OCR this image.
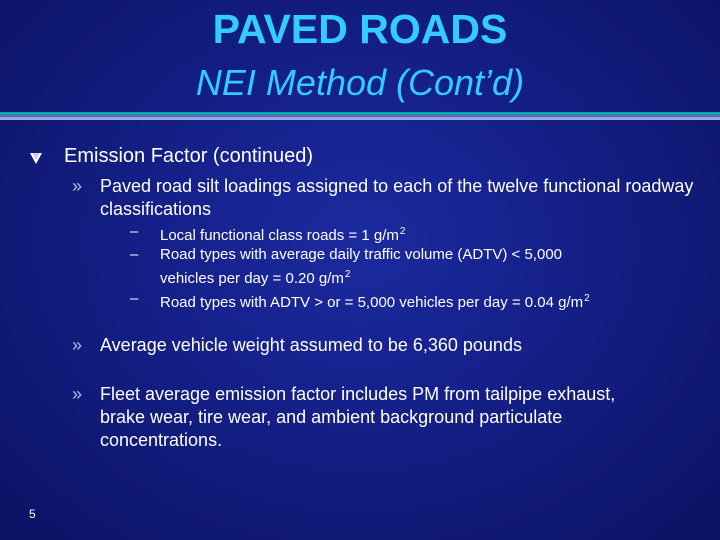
PAVED ROADS
NEI Method (Cont’d)
Emission Factor (continued)
» Paved road silt loadings assigned to each of the twelve functional roadway classifications
– Local functional class roads = 1 $g/m^2$
– Road types with average daily traffic volume (ADTV) < 5,000
vehicles per day = 0.20 $g/m^2$
– Road types with ADTV > or = 5,000 vehicles per day = 0.04 $g/m^2$
» Average vehicle weight assumed to be 6,360 pounds
» Fleet average emission factor includes PM from tailpipe exhaust,
brake wear, tire wear, and ambient background particulate
concentrations.
5
